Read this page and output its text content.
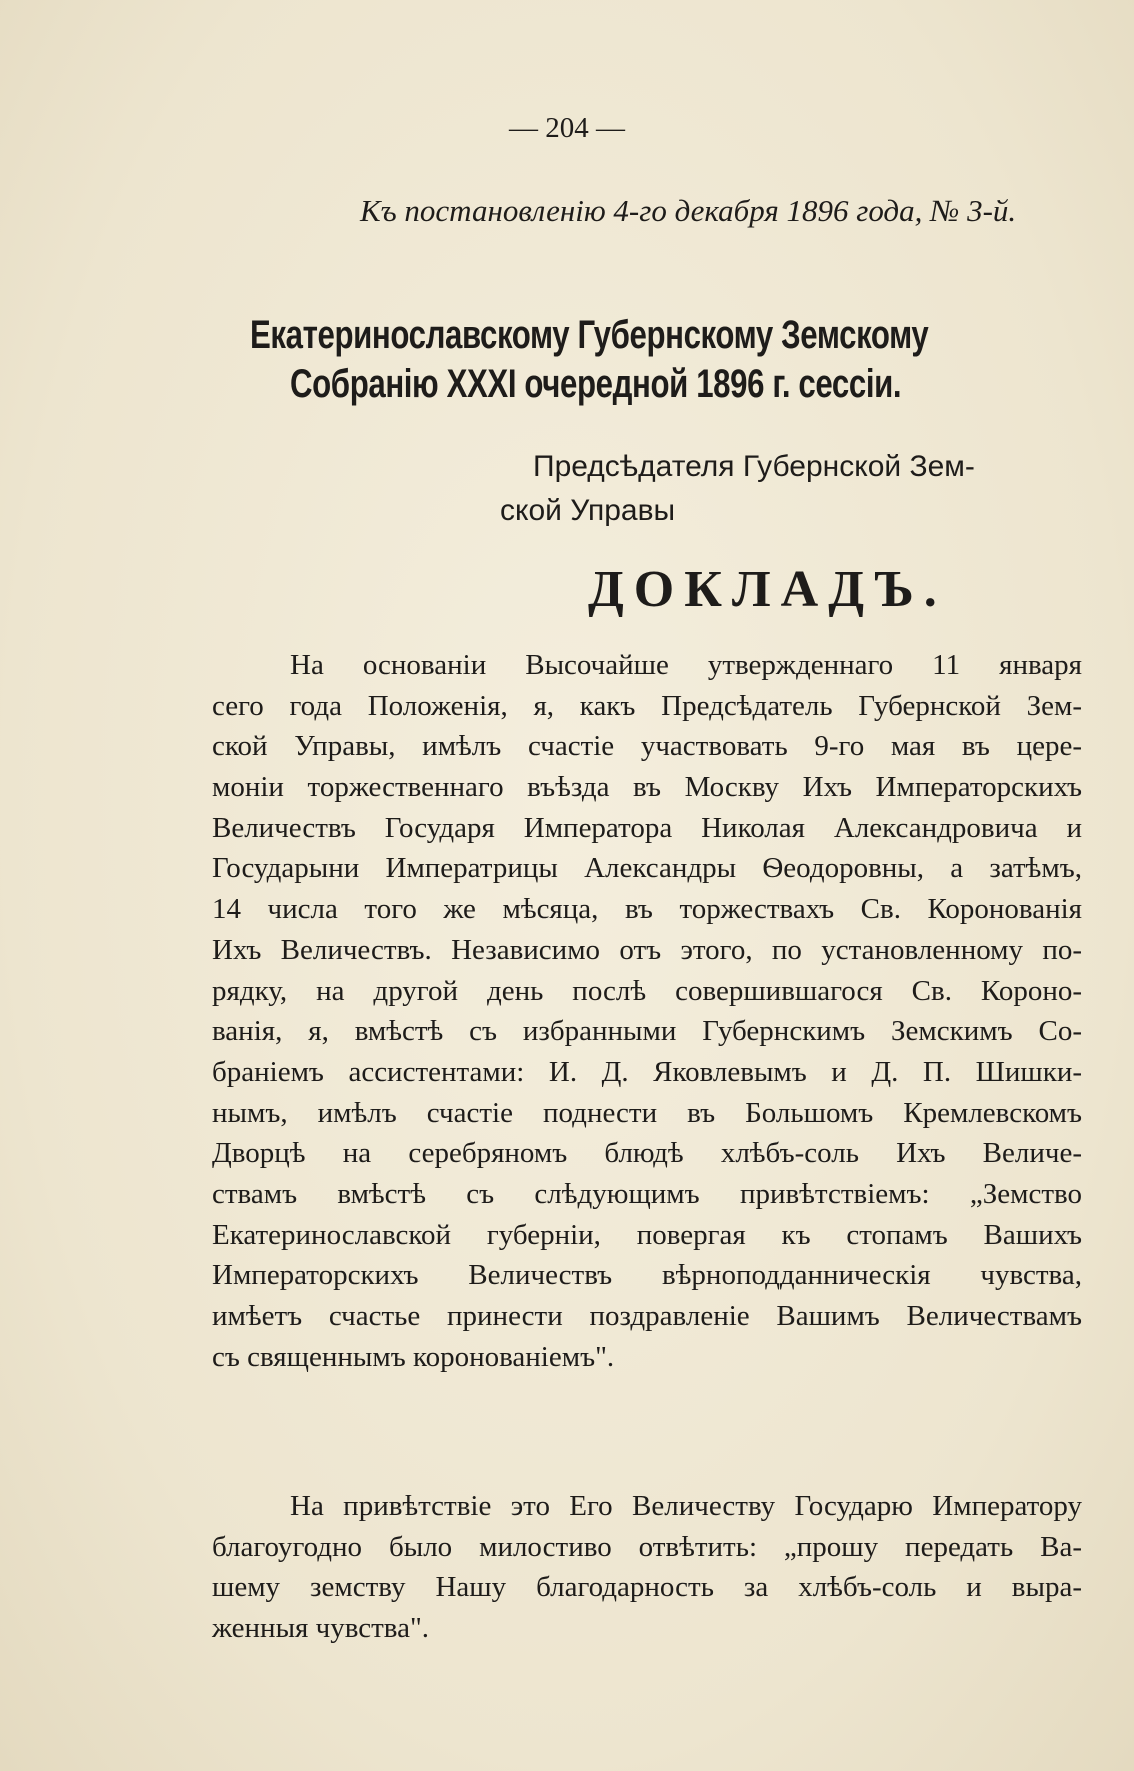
— 204 —
Къ постановленію 4-го декабря 1896 года, № 3-й.
Екатеринославскому Губернскому Земскому
Собранію XXXI очередной 1896 г. сессіи.
Предсѣдателя Губернской Зем-
ской Управы
ДОКЛАДЪ.
На основаніи Высочайше утвержденнаго 11 января
сего года Положенія, я, какъ Предсѣдатель Губернской Зем-
ской Управы, имѣлъ счастіе участвовать 9-го мая въ цере-
моніи торжественнаго въѣзда въ Москву Ихъ Императорскихъ
Величествъ Государя Императора Николая Александровича и
Государыни Императрицы Александры Ѳеодоровны, а затѣмъ,
14 числа того же мѣсяца, въ торжествахъ Св. Коронованія
Ихъ Величествъ. Независимо отъ этого, по установленному по-
рядку, на другой день послѣ совершившагося Св. Короно-
ванія, я, вмѣстѣ съ избранными Губернскимъ Земскимъ Со-
браніемъ ассистентами: И. Д. Яковлевымъ и Д. П. Шишки-
нымъ, имѣлъ счастіе поднести въ Большомъ Кремлевскомъ
Дворцѣ на серебряномъ блюдѣ хлѣбъ-соль Ихъ Величе-
ствамъ вмѣстѣ съ слѣдующимъ привѣтствіемъ: „Земство
Екатеринославской губерніи, повергая къ стопамъ Вашихъ
Императорскихъ Величествъ вѣрноподданническія чувства,
имѣетъ счастье принести поздравленіе Вашимъ Величествамъ
съ священнымъ коронованіемъ".
На привѣтствіе это Его Величеству Государю Императору
благоугодно было милостиво отвѣтить: „прошу передать Ва-
шему земству Нашу благодарность за хлѣбъ-соль и выра-
женныя чувства".
